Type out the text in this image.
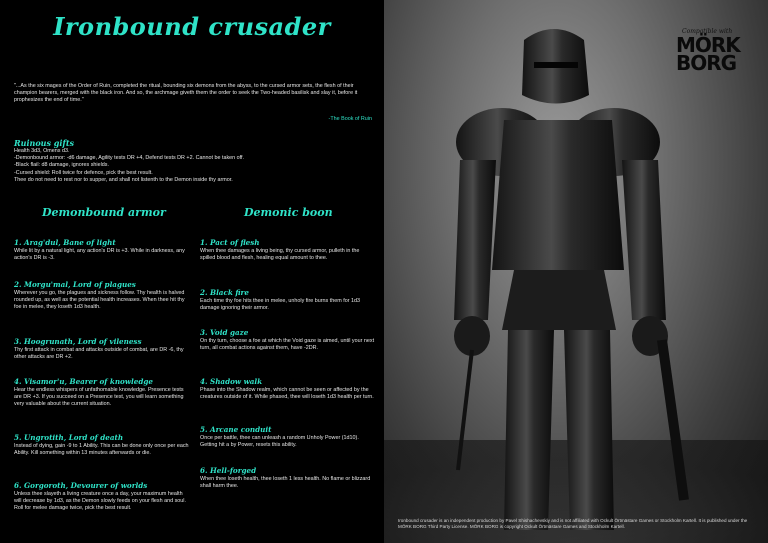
Ironbound crusader
"...As the six mages of the Order of Ruin, completed the ritual, bounding six demons from the abyss, to the cursed armor sets, the flesh of their champion bearers, merged with the black iron. And so, the archmage giveth them the order to seek the Two-headed basilisk and slay it, before it prophesizes the end of time."
-The Book of Ruin
Ruinous gifts
Health 3d3, Omens d3.
-Demonbound armor: -d6 damage, Agility tests DR +4, Defend tests DR +2. Cannot be taken off.
-Black flail: d8 damage, ignores shields.
-Cursed shield: Roll twice for defence, pick the best result.
Thee do not need to rest nor to supper, and shall not listenth to the Demon inside thy armor.
Demonbound armor	Demonic boon
1. Arag'dul, Bane of light
While lit by a natural light, any action's DR is +3. While in darkness, any action's DR is -3.
2. Morgu'mal, Lord of plagues
Wherever you go, the plagues and sickness follow. Thy health is halved rounded up, as well as the potential health increases. When thee hit thy foe in melee, they loseth 1d3 health.
3. Hoogrunath, Lord of vileness
Thy first attack in combat and attacks outside of combat, are DR -6, thy other attacks are DR +2.
4. Visamor'u, Bearer of knowledge
Hear the endless whispers of unfathomable knowledge. Presence tests are DR +3. If you succeed on a Presence test, you will learn something very valuable about the current situation.
5. Ungrotith, Lord of death
Instead of dying, gain -9 to 1 Ability. This can be done only once per each Ability. Kill something within 13 minutes afterwards or die.
6. Gorgoroth, Devourer of worlds
Unless thee slayeth a living creature once a day, your maximum health will decrease by 1d3, as the Demon slowly feeds on your flesh and soul. Roll for melee damage twice, pick the best result.
1. Pact of flesh
When thee damages a living being, thy cursed armor, pulleth in the spilled blood and flesh, healing equal amount to thee.
2. Black fire
Each time thy foe hits thee in melee, unholy fire burns them for 1d3 damage ignoring their armor.
3. Void gaze
On thy turn, choose a foe at which the Void gaze is aimed, until your next turn, all combat actions against them, have -2DR.
4. Shadow walk
Phase into the Shadow realm, which cannot be seen or affected by the creatures outside of it. While phased, thee will loseth 1d3 health per turn.
5. Arcane conduit
Once per battle, thee can unleash a random Unholy Power (1d10). Getting hit a by Power, resets this ability.
6. Hell-forged
When thee loseth health, thee loseth 1 less health. No flame or blizzard shall harm thee.
Compatible with
MÖRK BORG
Ironbound crusader is an independent production by Pavel Shishachevskiy and is not affiliated with Ockult Örtmästare Games or Stockholm Kartell. It is published under the MÖRK BORG Third Party License. MÖRK BORG is copyright Ockult Örtmästare Games and Stockholm Kartell.
